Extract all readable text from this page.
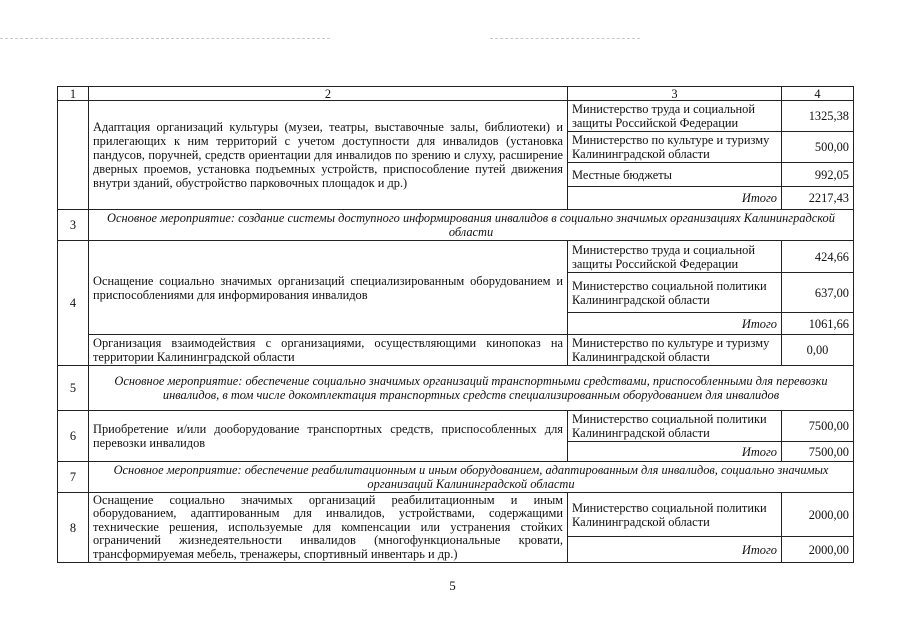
1	2	3	4
	Адаптация организаций культуры (музеи, театры, выставочные залы, библиотеки) и прилегающих к ним территорий с учетом доступности для инвалидов (установка пандусов, поручней, средств ориентации для инвалидов по зрению и слуху, расширение дверных проемов, установка подъемных устройств, приспособление путей движения внутри зданий, обустройство парковочных площадок и др.)	Министерство труда и социальной защиты Российской Федерации	1325,38
		Министерство по культуре и туризму Калининградской области	500,00
		Местные бюджеты	992,05
		Итого	2217,43
3	Основное мероприятие: создание системы доступного информирования инвалидов в социально значимых организациях Калининградской области		
4	Оснащение социально значимых организаций специализированным оборудованием и приспособлениями для информирования инвалидов	Министерство труда и социальной защиты Российской Федерации	424,66
		Министерство социальной политики Калининградской области	637,00
		Итого	1061,66
	Организация взаимодействия с организациями, осуществляющими кинопоказ на территории Калининградской области	Министерство по культуре и туризму Калининградской области	0,00
5	Основное мероприятие: обеспечение социально значимых организаций транспортными средствами, приспособленными для перевозки инвалидов, в том числе докомплектация транспортных средств специализированным оборудованием для инвалидов		
6	Приобретение и/или дооборудование транспортных средств, приспособленных для перевозки инвалидов	Министерство социальной политики Калининградской области	7500,00
		Итого	7500,00
7	Основное мероприятие: обеспечение реабилитационным и иным оборудованием, адаптированным для инвалидов, социально значимых организаций Калининградской области		
8	Оснащение социально значимых организаций реабилитационным и иным оборудованием, адаптированным для инвалидов, устройствами, содержащими технические решения, используемые для компенсации или устранения стойких ограничений жизнедеятельности инвалидов (многофункциональные кровати, трансформируемая мебель, тренажеры, спортивный инвентарь и др.)	Министерство социальной политики Калининградской области	2000,00
		Итого	2000,00
5
